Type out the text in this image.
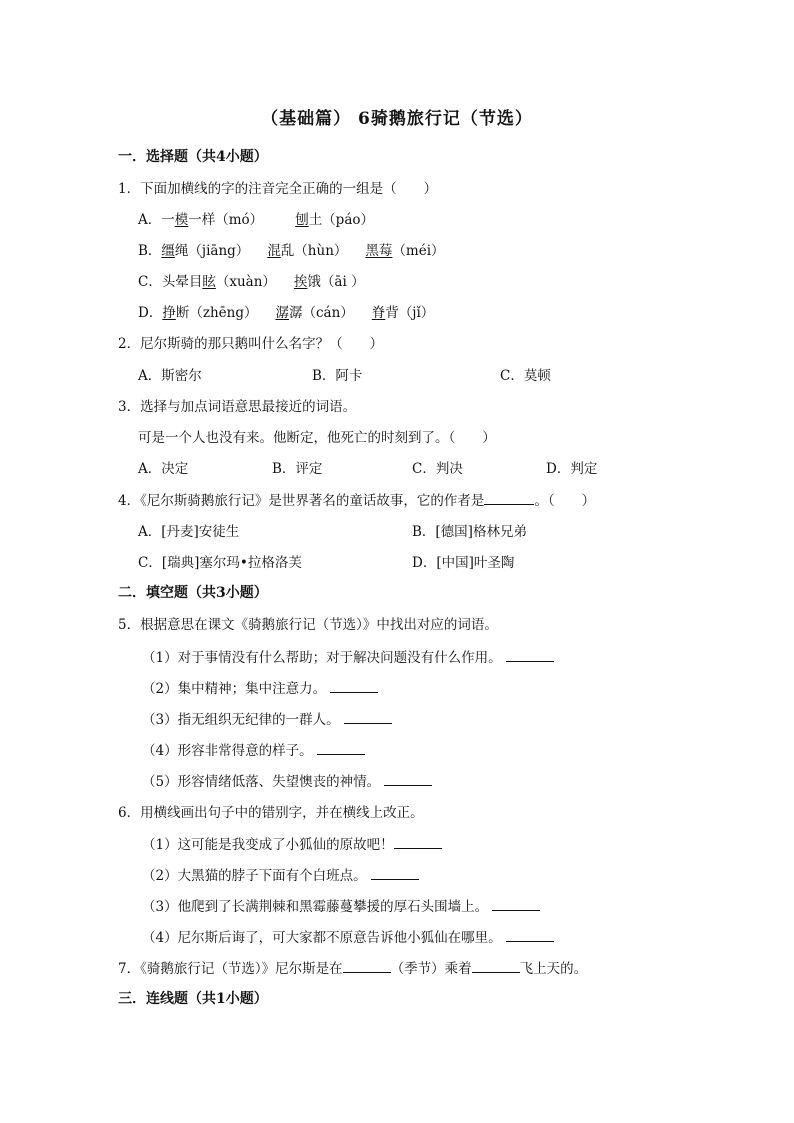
（基础篇） 6骑鹅旅行记（节选）
一．选择题（共4小题）
1．下面加横线的字的注音完全正确的一组是（　　）
A．一模一样（mó） 刨土（páo）
B．缰绳（jiāng） 混乱（hùn） 黑莓（méi）
C．头晕目眩（xuàn） 挨饿（āi ）
D．挣断（zhēng） 潺潺（cán） 脊背（jǐ）
2．尼尔斯骑的那只鹅叫什么名字？（　　）
A．斯密尔	B．阿卡	C．莫顿
3．选择与加点词语意思最接近的词语。
可是一个人也没有来。他断定，他死亡的时刻到了。（　　）
A．决定	B．评定	C．判决	D．判定
4．《尼尔斯骑鹅旅行记》是世界著名的童话故事，它的作者是	。（　　）
A．[丹麦]安徒生	B．[德国]格林兄弟
C．[瑞典]塞尔玛•拉格洛芙	D．[中国]叶圣陶
二．填空题（共3小题）
5．根据意思在课文《骑鹅旅行记（节选）》中找出对应的词语。
（1）对于事情没有什么帮助；对于解决问题没有什么作用。
（2）集中精神；集中注意力。
（3）指无组织无纪律的一群人。
（4）形容非常得意的样子。
（5）形容情绪低落、失望懊丧的神情。
6．用横线画出句子中的错别字，并在横线上改正。
（1）这可能是我变成了小狐仙的原故吧！
（2）大黑猫的脖子下面有个白班点。
（3）他爬到了长满荆棘和黑霉藤蔓攀援的厚石头围墙上。
（4）尼尔斯后诲了，可大家都不原意告诉他小狐仙在哪里。
7．《骑鹅旅行记（节选）》尼尔斯是在	（季节）乘着	飞上天的。
三．连线题（共1小题）
